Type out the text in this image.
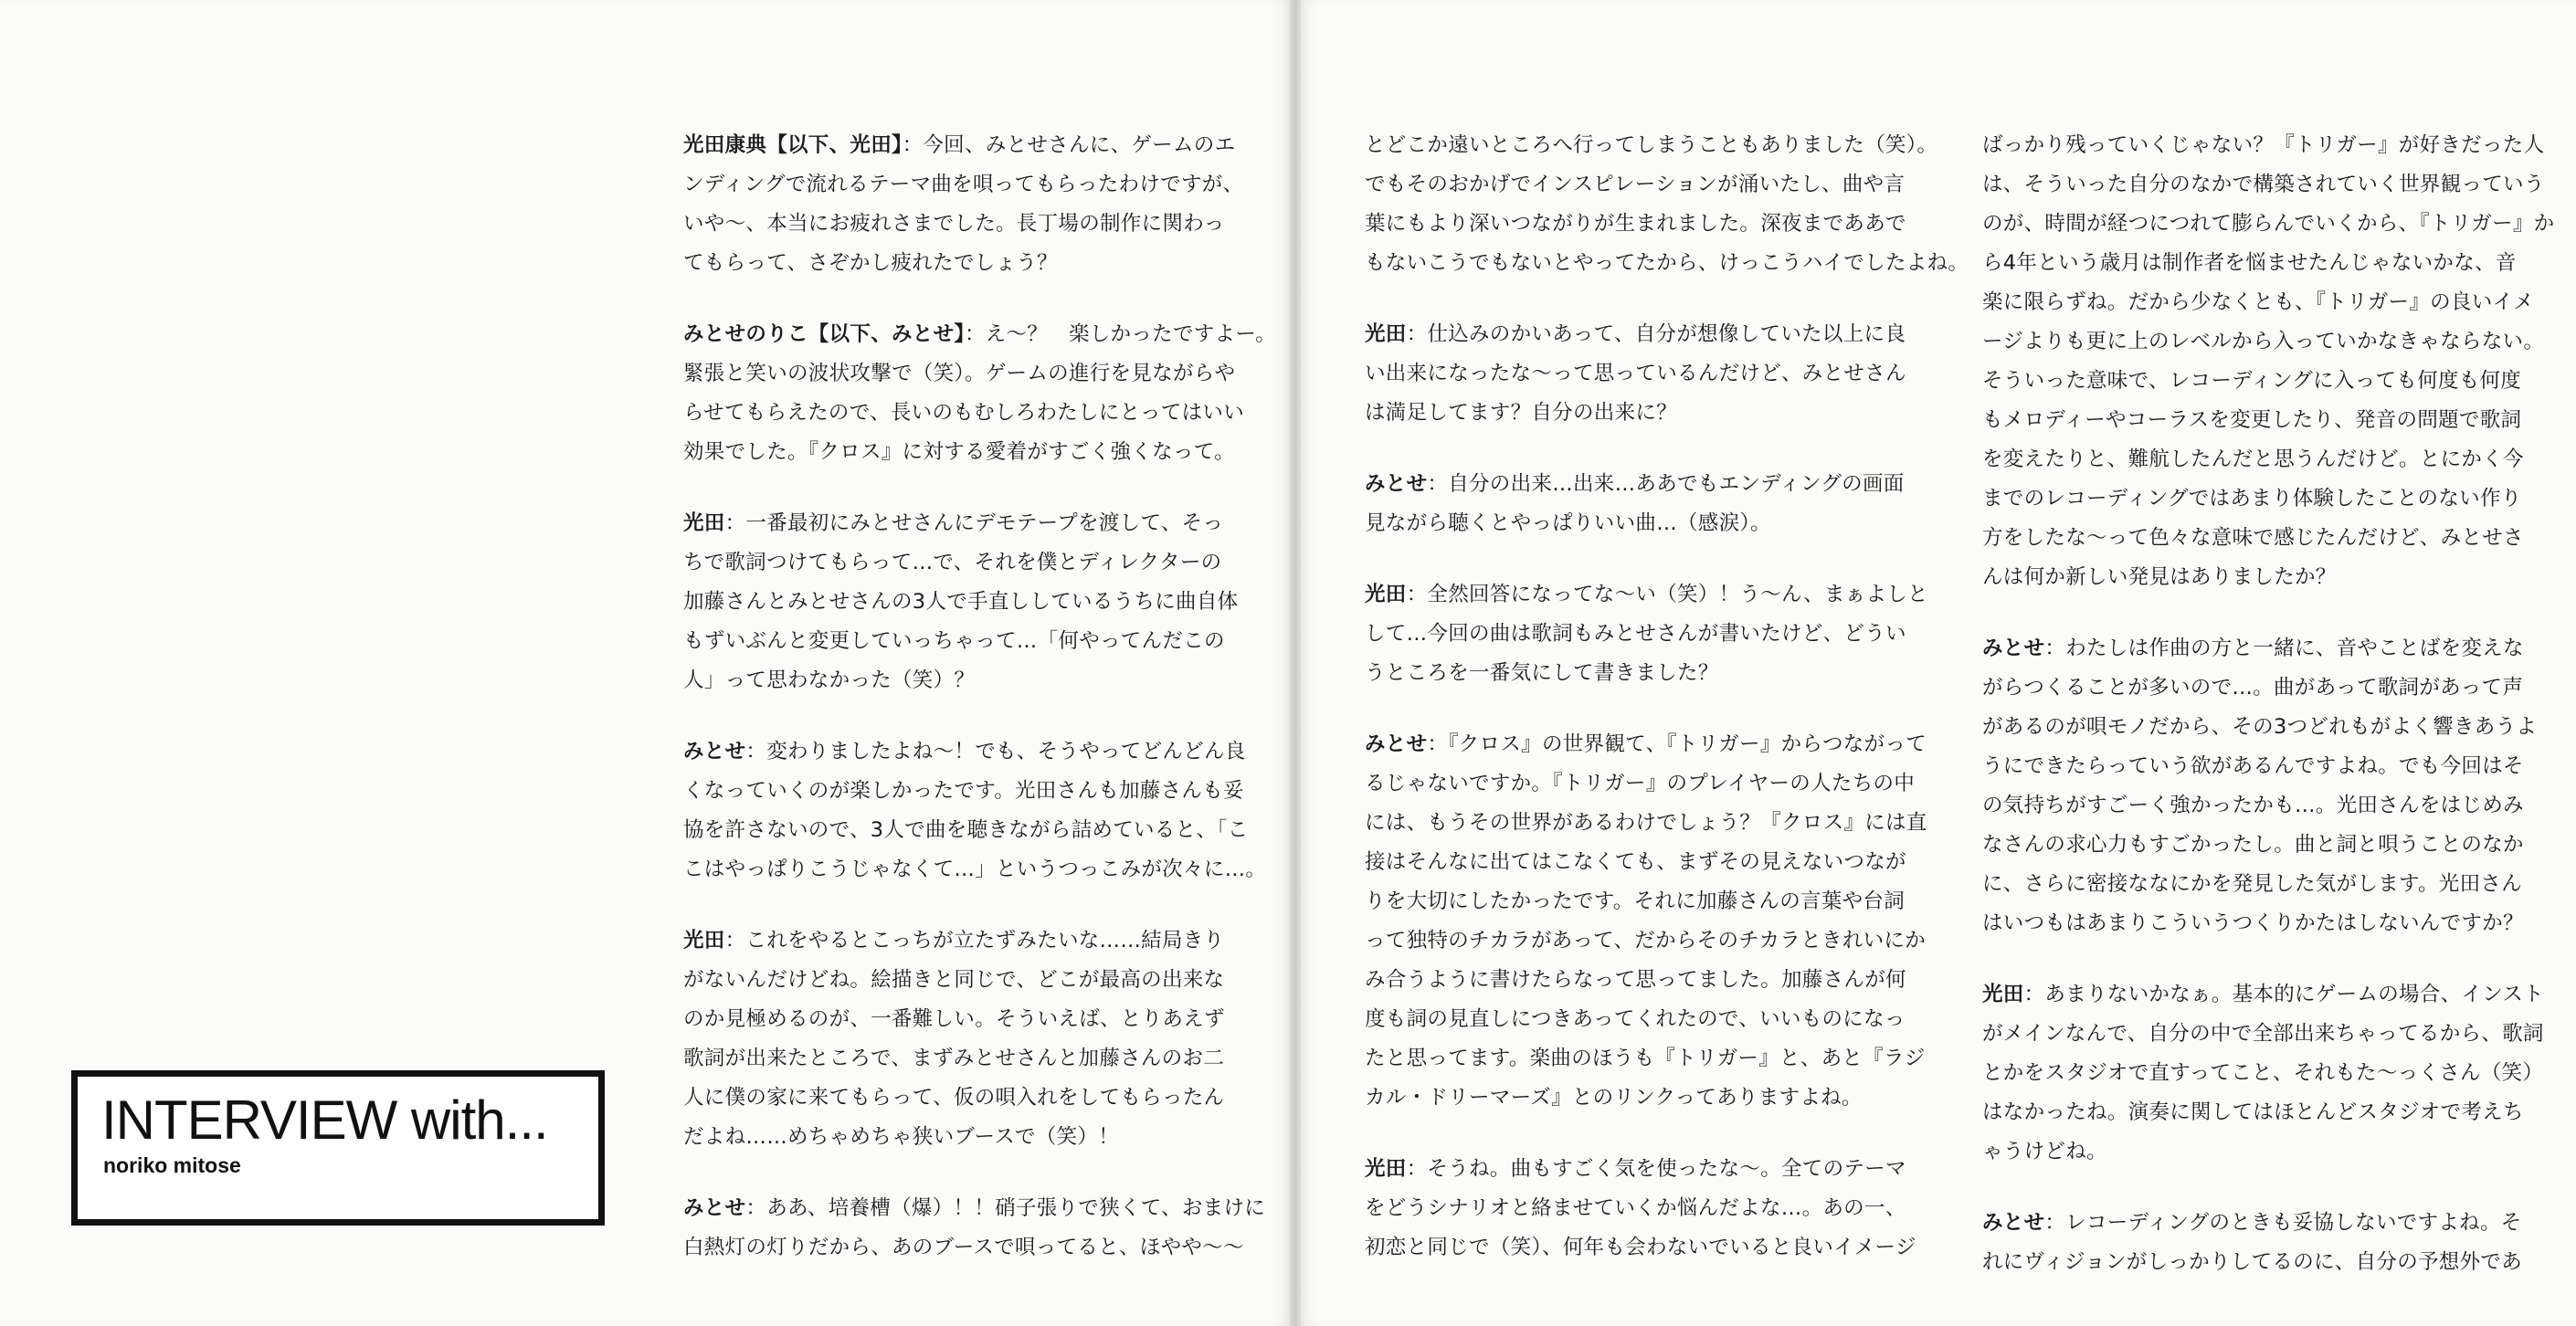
INTERVIEW with...
noriko mitose
光田康典【以下、光田】：今回、みとせさんに、ゲームのエ
ンディングで流れるテーマ曲を唄ってもらったわけですが、
いや〜、本当にお疲れさまでした。長丁場の制作に関わっ
てもらって、さぞかし疲れたでしょう？
みとせのりこ【以下、みとせ】：え〜？　楽しかったですよー。
緊張と笑いの波状攻撃で（笑）。ゲームの進行を見ながらや
らせてもらえたので、長いのもむしろわたしにとってはいい
効果でした。『クロス』に対する愛着がすごく強くなって。
光田：一番最初にみとせさんにデモテープを渡して、そっ
ちで歌詞つけてもらって…で、それを僕とディレクターの
加藤さんとみとせさんの3人で手直ししているうちに曲自体
もずいぶんと変更していっちゃって…「何やってんだこの
人」って思わなかった（笑）？
みとせ：変わりましたよね〜！でも、そうやってどんどん良
くなっていくのが楽しかったです。光田さんも加藤さんも妥
協を許さないので、3人で曲を聴きながら詰めていると、「こ
こはやっぱりこうじゃなくて…」というつっこみが次々に…。
光田：これをやるとこっちが立たずみたいな……結局きり
がないんだけどね。絵描きと同じで、どこが最高の出来な
のか見極めるのが、一番難しい。そういえば、とりあえず
歌詞が出来たところで、まずみとせさんと加藤さんのお二
人に僕の家に来てもらって、仮の唄入れをしてもらったん
だよね……めちゃめちゃ狭いブースで（笑）！
みとせ：ああ、培養槽（爆）！！硝子張りで狭くて、おまけに
白熱灯の灯りだから、あのブースで唄ってると、ほやや〜〜
とどこか遠いところへ行ってしまうこともありました（笑）。
でもそのおかげでインスピレーションが涌いたし、曲や言
葉にもより深いつながりが生まれました。深夜までああで
もないこうでもないとやってたから、けっこうハイでしたよね。
光田：仕込みのかいあって、自分が想像していた以上に良
い出来になったな〜って思っているんだけど、みとせさん
は満足してます？自分の出来に？
みとせ：自分の出来…出来…ああでもエンディングの画面
見ながら聴くとやっぱりいい曲…（感涙）。
光田：全然回答になってな〜い（笑）！う〜ん、まぁよしと
して…今回の曲は歌詞もみとせさんが書いたけど、どうい
うところを一番気にして書きました？
みとせ：『クロス』の世界観て、『トリガー』からつながって
るじゃないですか。『トリガー』のプレイヤーの人たちの中
には、もうその世界があるわけでしょう？『クロス』には直
接はそんなに出てはこなくても、まずその見えないつなが
りを大切にしたかったです。それに加藤さんの言葉や台詞
って独特のチカラがあって、だからそのチカラときれいにか
み合うように書けたらなって思ってました。加藤さんが何
度も詞の見直しにつきあってくれたので、いいものになっ
たと思ってます。楽曲のほうも『トリガー』と、あと『ラジ
カル・ドリーマーズ』とのリンクってありますよね。
光田：そうね。曲もすごく気を使ったな〜。全てのテーマ
をどうシナリオと絡ませていくか悩んだよな…。あの一、
初恋と同じで（笑）、何年も会わないでいると良いイメージ
ばっかり残っていくじゃない？『トリガー』が好きだった人
は、そういった自分のなかで構築されていく世界観っていう
のが、時間が経つにつれて膨らんでいくから、『トリガー』か
ら4年という歳月は制作者を悩ませたんじゃないかな、音
楽に限らずね。だから少なくとも、『トリガー』の良いイメ
ージよりも更に上のレベルから入っていかなきゃならない。
そういった意味で、レコーディングに入っても何度も何度
もメロディーやコーラスを変更したり、発音の問題で歌詞
を変えたりと、難航したんだと思うんだけど。とにかく今
までのレコーディングではあまり体験したことのない作り
方をしたな〜って色々な意味で感じたんだけど、みとせさ
んは何か新しい発見はありましたか？
みとせ：わたしは作曲の方と一緒に、音やことばを変えな
がらつくることが多いので…。曲があって歌詞があって声
があるのが唄モノだから、その3つどれもがよく響きあうよ
うにできたらっていう欲があるんですよね。でも今回はそ
の気持ちがすごーく強かったかも…。光田さんをはじめみ
なさんの求心力もすごかったし。曲と詞と唄うことのなか
に、さらに密接ななにかを発見した気がします。光田さん
はいつもはあまりこういうつくりかたはしないんですか？
光田：あまりないかなぁ。基本的にゲームの場合、インスト
がメインなんで、自分の中で全部出来ちゃってるから、歌詞
とかをスタジオで直すってこと、それもた〜っくさん（笑）
はなかったね。演奏に関してはほとんどスタジオで考えち
ゃうけどね。
みとせ：レコーディングのときも妥協しないですよね。そ
れにヴィジョンがしっかりしてるのに、自分の予想外であ
